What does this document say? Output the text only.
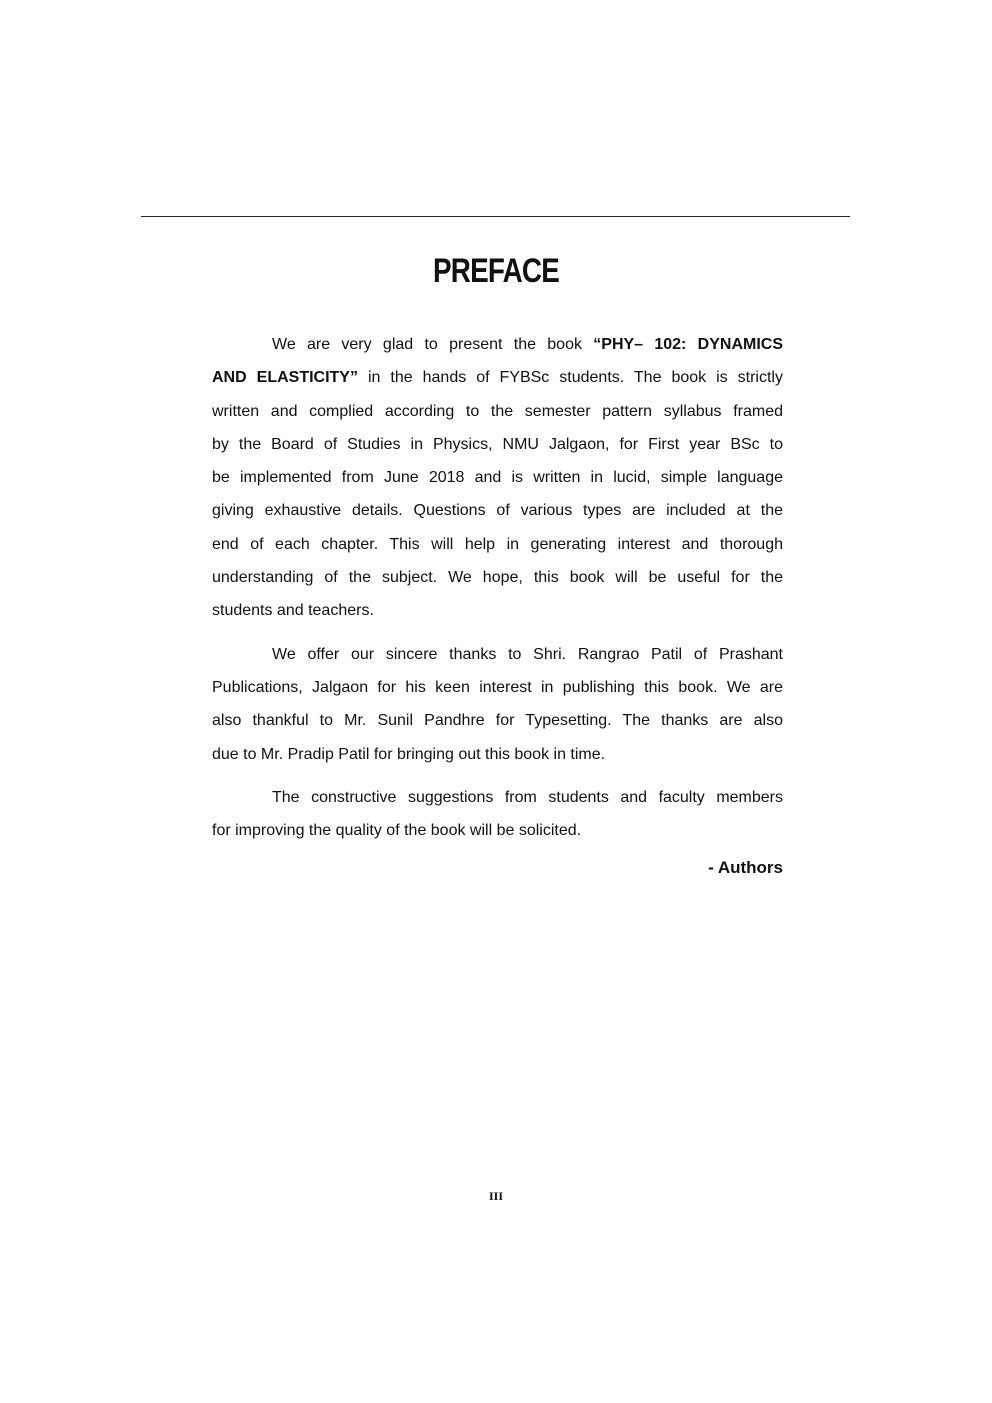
PREFACE
We are very glad to present the book “PHY– 102: DYNAMICS
AND ELASTICITY” in the hands of FYBSc students. The book is strictly
written and complied according to the semester pattern syllabus framed
by the Board of Studies in Physics, NMU Jalgaon, for First year BSc to
be implemented from June 2018 and is written in lucid, simple language
giving exhaustive details. Questions of various types are included at the
end of each chapter. This will help in generating interest and thorough
understanding of the subject. We hope, this book will be useful for the
students and teachers.
We offer our sincere thanks to Shri. Rangrao Patil of Prashant
Publications, Jalgaon for his keen interest in publishing this book. We are
also thankful to Mr. Sunil Pandhre for Typesetting. The thanks are also
due to Mr. Pradip Patil for bringing out this book in time.
The constructive suggestions from students and faculty members
for improving the quality of the book will be solicited.
- Authors
III
